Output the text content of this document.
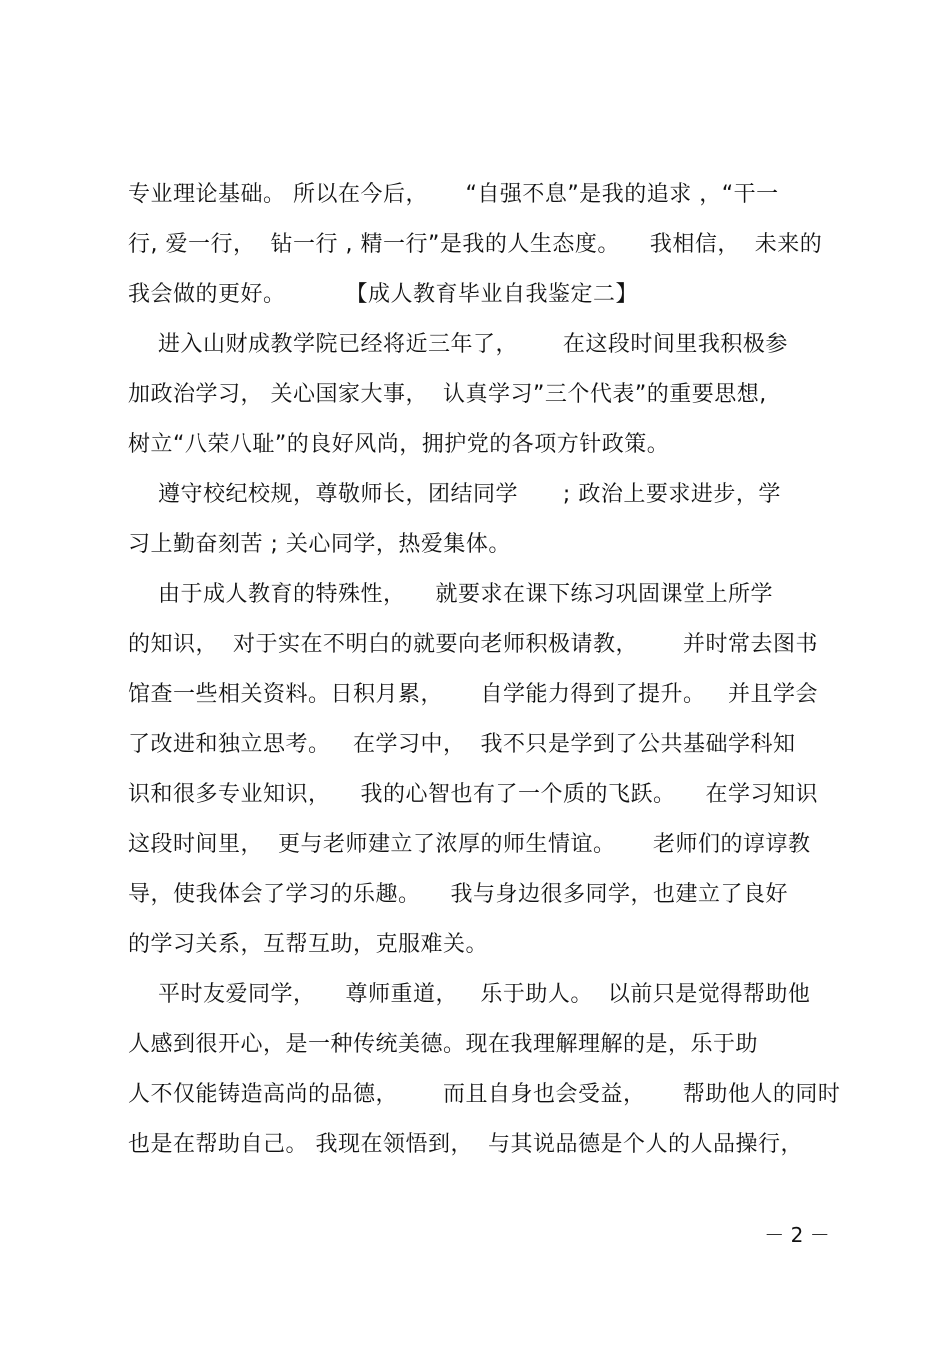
专业理论基础。 所以在今后，     “自强不息”是我的追求 ，“干一
行, 爱一行，  钻一行 , 精一行”是我的人生态度。    我相信，  未来的
我会做的更好。        【成人教育毕业自我鉴定二】
进入山财成教学院已经将近三年了，      在这段时间里我积极参
加政治学习， 关心国家大事，  认真学习”三个代表”的重要思想,
树立“八荣八耻”的良好风尚，拥护党的各项方针政策。
遵守校纪校规，尊敬师长，团结同学      ; 政治上要求进步，学
习上勤奋刻苦 ; 关心同学，热爱集体。
由于成人教育的特殊性，    就要求在课下练习巩固课堂上所学
的知识，  对于实在不明白的就要向老师积极请教，      并时常去图书
馆查一些相关资料。日积月累，     自学能力得到了提升。   并且学会
了改进和独立思考。   在学习中，  我不只是学到了公共基础学科知
识和很多专业知识，    我的心智也有了一个质的飞跃。    在学习知识
这段时间里，  更与老师建立了浓厚的师生情谊。     老师们的谆谆教
导，使我体会了学习的乐趣。    我与身边很多同学，也建立了良好
的学习关系，互帮互助，克服难关。
平时友爱同学，    尊师重道，   乐于助人。  以前只是觉得帮助他
人感到很开心，是一种传统美德。现在我理解理解的是，乐于助
人不仅能铸造高尚的品德，      而且自身也会受益，     帮助他人的同时
也是在帮助自己。 我现在领悟到，  与其说品德是个人的人品操行，
－ 2 －
